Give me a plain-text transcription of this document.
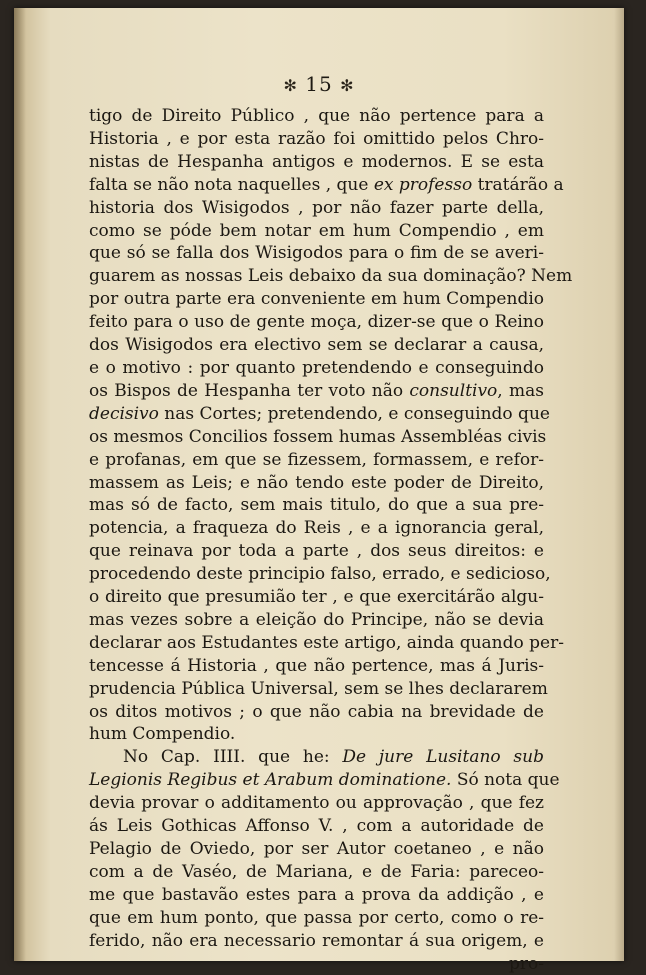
✻ 15 ✻
tigo de Direito Público , que não pertence para a
Historia , e por esta razão foi omittido pelos Chro-
nistas de Hespanha antigos e modernos. E se esta
falta se não nota naquelles , que ex professo tratárão a
historia dos Wisigodos , por não fazer parte della,
como se póde bem notar em hum Compendio , em
que só se falla dos Wisigodos para o fim de se averi-
guarem as nossas Leis debaixo da sua dominação? Nem
por outra parte era conveniente em hum Compendio
feito para o uso de gente moça, dizer-se que o Reino
dos Wisigodos era electivo sem se declarar a causa,
e o motivo : por quanto pretendendo e conseguindo
os Bispos de Hespanha ter voto não consultivo, mas
decisivo nas Cortes; pretendendo, e conseguindo que
os mesmos Concilios fossem humas Assembléas civis
e profanas, em que se fizessem, formassem, e refor-
massem as Leis; e não tendo este poder de Direito,
mas só de facto, sem mais titulo, do que a sua pre-
potencia, a fraqueza do Reis , e a ignorancia geral,
que reinava por toda a parte , dos seus direitos: e
procedendo deste principio falso, errado, e sedicioso,
o direito que presumião ter , e que exercitárão algu-
mas vezes sobre a eleição do Principe, não se devia
declarar aos Estudantes este artigo, ainda quando per-
tencesse á Historia , que não pertence, mas á Juris-
prudencia Pública Universal, sem se lhes declararem
os ditos motivos ; o que não cabia na brevidade de
hum Compendio.
No Cap. IIII. que he: De jure Lusitano sub
Legionis Regibus et Arabum dominatione. Só nota que
devia provar o additamento ou approvação , que fez
ás Leis Gothicas Affonso V. , com a autoridade de
Pelagio de Oviedo, por ser Autor coetaneo , e não
com a de Vaséo, de Mariana, e de Faria: pareceo-
me que bastavão estes para a prova da addição , e
que em hum ponto, que passa por certo, como o re-
ferido, não era necessario remontar á sua origem, e
pro-
